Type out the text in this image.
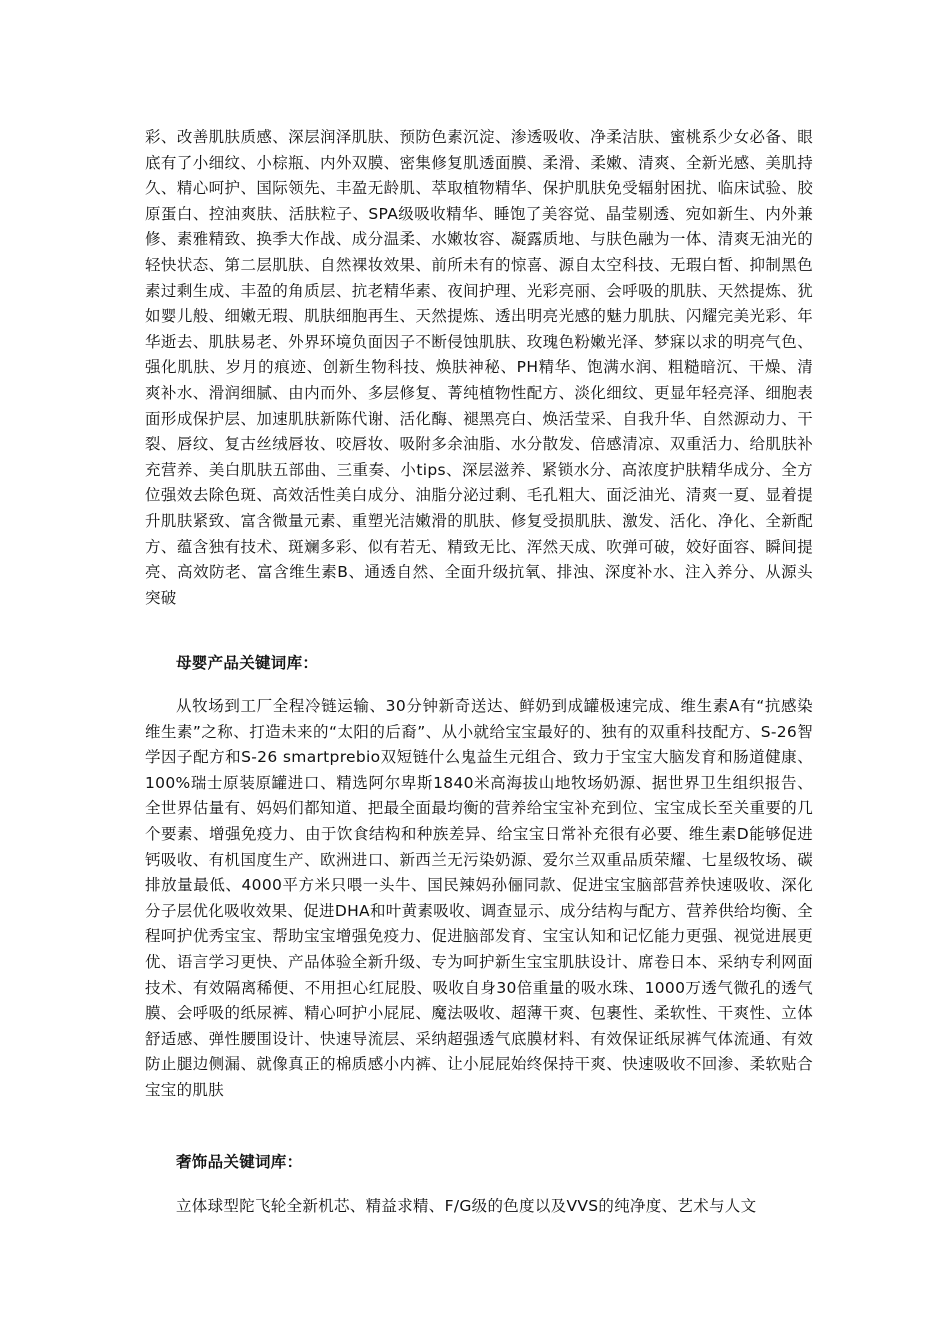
彩、改善肌肤质感、深层润泽肌肤、预防色素沉淀、渗透吸收、净柔洁肤、蜜桃系少女必备、眼底有了小细纹、小棕瓶、内外双膜、密集修复肌透面膜、柔滑、柔嫩、清爽、全新光感、美肌持久、精心呵护、国际领先、丰盈无龄肌、萃取植物精华、保护肌肤免受辐射困扰、临床试验、胶原蛋白、控油爽肤、活肤粒子、SPA级吸收精华、睡饱了美容觉、晶莹剔透、宛如新生、内外兼修、素雅精致、换季大作战、成分温柔、水嫩妆容、凝露质地、与肤色融为一体、清爽无油光的轻快状态、第二层肌肤、自然裸妆效果、前所未有的惊喜、源自太空科技、无瑕白皙、抑制黑色素过剩生成、丰盈的角质层、抗老精华素、夜间护理、光彩亮丽、会呼吸的肌肤、天然提炼、犹如婴儿般、细嫩无瑕、肌肤细胞再生、天然提炼、透出明亮光感的魅力肌肤、闪耀完美光彩、年华逝去、肌肤易老、外界环境负面因子不断侵蚀肌肤、玫瑰色粉嫩光泽、梦寐以求的明亮气色、强化肌肤、岁月的痕迹、创新生物科技、焕肤神秘、PH精华、饱满水润、粗糙暗沉、干燥、清爽补水、滑润细腻、由内而外、多层修复、菁纯植物性配方、淡化细纹、更显年轻亮泽、细胞表面形成保护层、加速肌肤新陈代谢、活化酶、褪黑亮白、焕活莹采、自我升华、自然源动力、干裂、唇纹、复古丝绒唇妆、咬唇妆、吸附多余油脂、水分散发、倍感清凉、双重活力、给肌肤补充营养、美白肌肤五部曲、三重奏、小tips、深层滋养、紧锁水分、高浓度护肤精华成分、全方位强效去除色斑、高效活性美白成分、油脂分泌过剩、毛孔粗大、面泛油光、清爽一夏、显着提升肌肤紧致、富含微量元素、重塑光洁嫩滑的肌肤、修复受损肌肤、激发、活化、净化、全新配方、蕴含独有技术、斑斓多彩、似有若无、精致无比、浑然天成、吹弹可破，姣好面容、瞬间提亮、高效防老、富含维生素B、通透自然、全面升级抗氧、排浊、深度补水、注入养分、从源头突破

母婴产品关键词库：

从牧场到工厂全程冷链运输、30分钟新奇送达、鲜奶到成罐极速完成、维生素A有“抗感染维生素”之称、打造未来的“太阳的后裔”、从小就给宝宝最好的、独有的双重科技配方、S-26智学因子配方和S-26 smartprebio双短链什么鬼益生元组合、致力于宝宝大脑发育和肠道健康、100%瑞士原装原罐进口、精选阿尔卑斯1840米高海拔山地牧场奶源、据世界卫生组织报告、全世界估量有、妈妈们都知道、把最全面最均衡的营养给宝宝补充到位、宝宝成长至关重要的几个要素、增强免疫力、由于饮食结构和种族差异、给宝宝日常补充很有必要、维生素D能够促进钙吸收、有机国度生产、欧洲进口、新西兰无污染奶源、爱尔兰双重品质荣耀、七星级牧场、碳排放量最低、4000平方米只喂一头牛、国民辣妈孙俪同款、促进宝宝脑部营养快速吸收、深化分子层优化吸收效果、促进DHA和叶黄素吸收、调查显示、成分结构与配方、营养供给均衡、全程呵护优秀宝宝、帮助宝宝增强免疫力、促进脑部发育、宝宝认知和记忆能力更强、视觉进展更优、语言学习更快、产品体验全新升级、专为呵护新生宝宝肌肤设计、席卷日本、采纳专利网面技术、有效隔离稀便、不用担心红屁股、吸收自身30倍重量的吸水珠、1000万透气微孔的透气膜、会呼吸的纸尿裤、精心呵护小屁屁、魔法吸收、超薄干爽、包裹性、柔软性、干爽性、立体舒适感、弹性腰围设计、快速导流层、采纳超强透气底膜材料、有效保证纸尿裤气体流通、有效防止腿边侧漏、就像真正的棉质感小内裤、让小屁屁始终保持干爽、快速吸收不回渗、柔软贴合宝宝的肌肤

奢饰品关键词库：

立体球型陀飞轮全新机芯、精益求精、F/G级的色度以及VVS的纯净度、艺术与人文
